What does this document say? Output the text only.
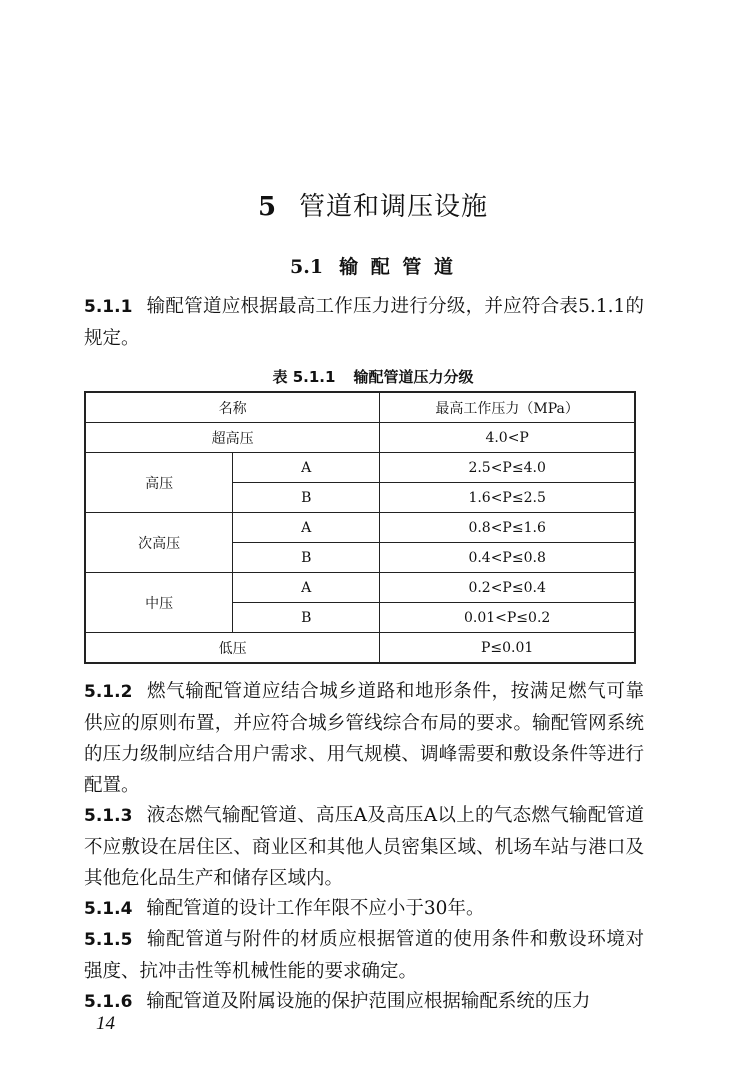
5 管道和调压设施
5.1 输 配 管 道
5.1.1 输配管道应根据最高工作压力进行分级，并应符合表5.1.1的规定。
表 5.1.1 输配管道压力分级
名称		最高工作压力（MPa）
超高压		4.0<P
高压	A	2.5<P≤4.0
	B	1.6<P≤2.5
次高压	A	0.8<P≤1.6
	B	0.4<P≤0.8
中压	A	0.2<P≤0.4
	B	0.01<P≤0.2
低压		P≤0.01
5.1.2 燃气输配管道应结合城乡道路和地形条件，按满足燃气可靠供应的原则布置，并应符合城乡管线综合布局的要求。输配管网系统的压力级制应结合用户需求、用气规模、调峰需要和敷设条件等进行配置。
5.1.3 液态燃气输配管道、高压A及高压A以上的气态燃气输配管道不应敷设在居住区、商业区和其他人员密集区域、机场车站与港口及其他危化品生产和储存区域内。
5.1.4 输配管道的设计工作年限不应小于30年。
5.1.5 输配管道与附件的材质应根据管道的使用条件和敷设环境对强度、抗冲击性等机械性能的要求确定。
5.1.6 输配管道及附属设施的保护范围应根据输配系统的压力
14
